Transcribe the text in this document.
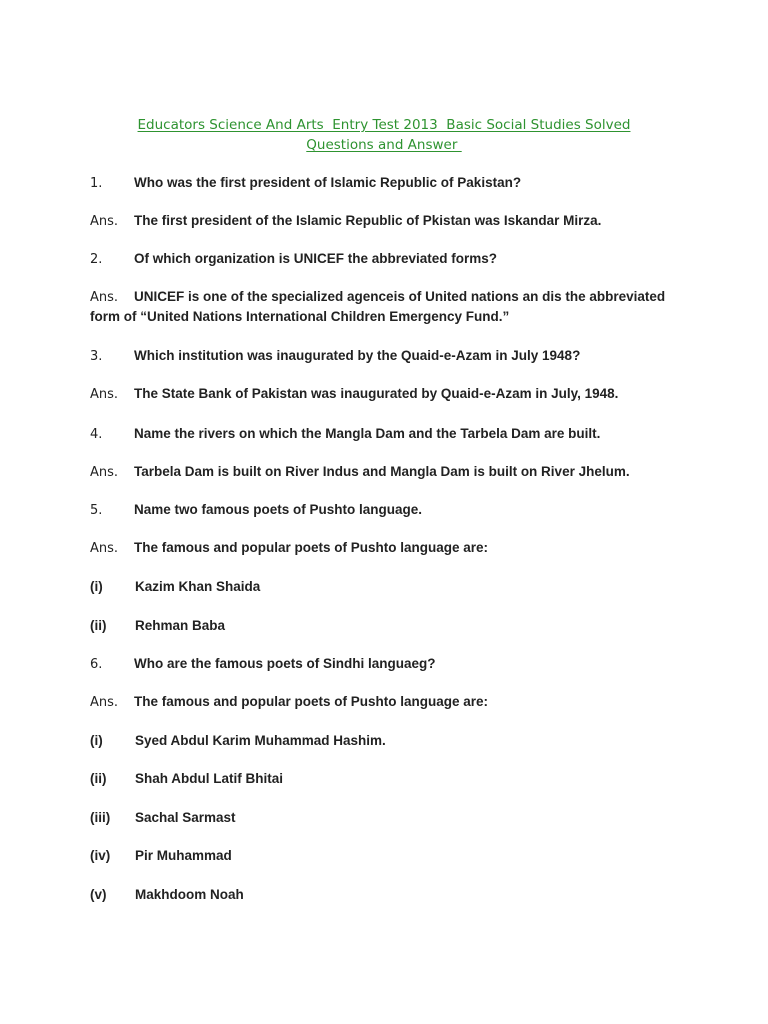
Educators Science And Arts  Entry Test 2013  Basic Social Studies Solved
Questions and Answer
1. Who was the first president of Islamic Republic of Pakistan?
Ans. The first president of the Islamic Republic of Pkistan was Iskandar Mirza.
2. Of which organization is UNICEF the abbreviated forms?
Ans. UNICEF is one of the specialized agenceis of United nations an dis the abbreviated
form of “United Nations International Children Emergency Fund.”
3. Which institution was inaugurated by the Quaid-e-Azam in July 1948?
Ans. The State Bank of Pakistan was inaugurated by Quaid-e-Azam in July, 1948.
4. Name the rivers on which the Mangla Dam and the Tarbela Dam are built.
Ans. Tarbela Dam is built on River Indus and Mangla Dam is built on River Jhelum.
5. Name two famous poets of Pushto language.
Ans. The famous and popular poets of Pushto language are:
(i) Kazim Khan Shaida
(ii) Rehman Baba
6. Who are the famous poets of Sindhi languaeg?
Ans. The famous and popular poets of Pushto language are:
(i) Syed Abdul Karim Muhammad Hashim.
(ii) Shah Abdul Latif Bhitai
(iii) Sachal Sarmast
(iv) Pir Muhammad
(v) Makhdoom Noah
